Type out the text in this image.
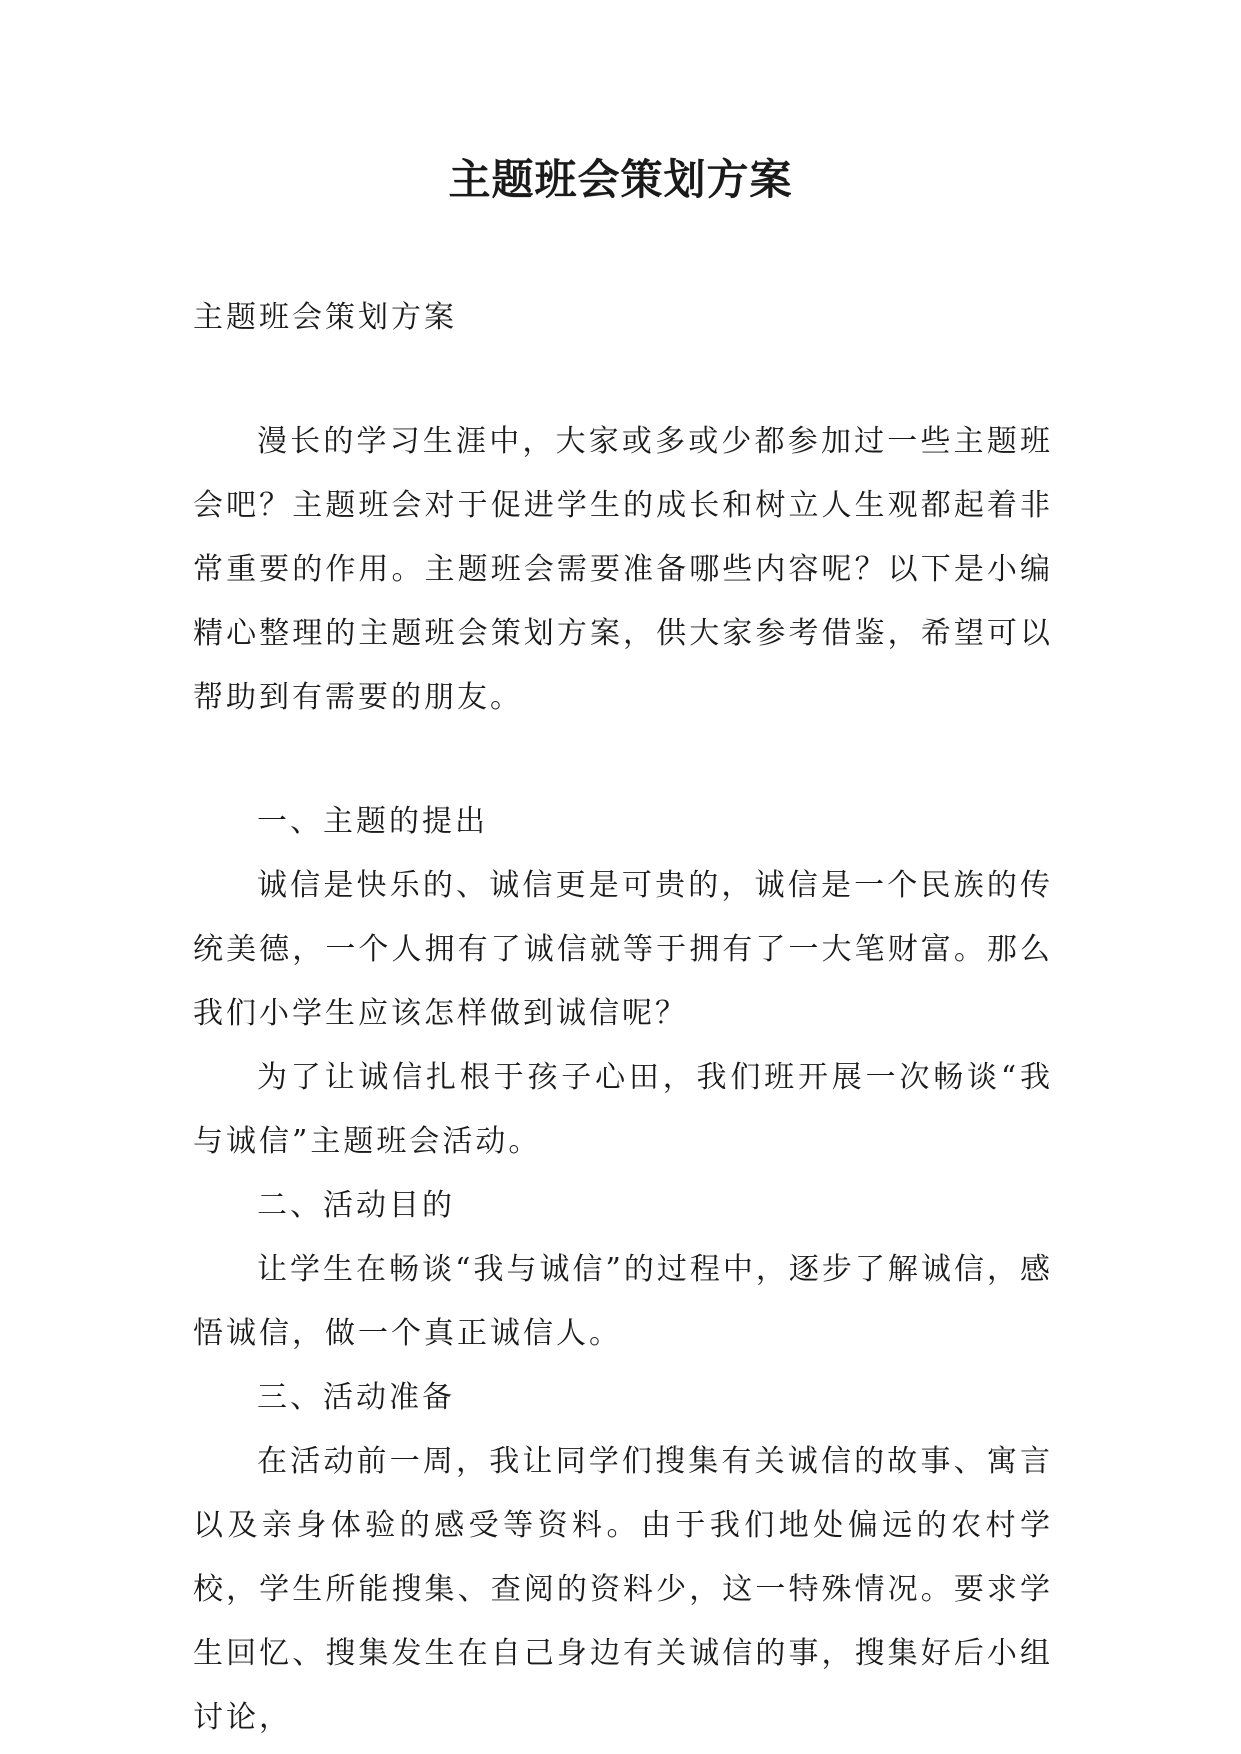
主题班会策划方案

主题班会策划方案

漫长的学习生涯中，大家或多或少都参加过一些主题班会吧？主题班会对于促进学生的成长和树立人生观都起着非常重要的作用。主题班会需要准备哪些内容呢？以下是小编精心整理的主题班会策划方案，供大家参考借鉴，希望可以帮助到有需要的朋友。

一、主题的提出

诚信是快乐的、诚信更是可贵的，诚信是一个民族的传统美德，一个人拥有了诚信就等于拥有了一大笔财富。那么我们小学生应该怎样做到诚信呢？

为了让诚信扎根于孩子心田，我们班开展一次畅谈“我与诚信”主题班会活动。

二、活动目的

让学生在畅谈“我与诚信”的过程中，逐步了解诚信，感悟诚信，做一个真正诚信人。

三、活动准备

在活动前一周，我让同学们搜集有关诚信的故事、寓言以及亲身体验的感受等资料。由于我们地处偏远的农村学校，学生所能搜集、查阅的资料少，这一特殊情况。要求学生回忆、搜集发生在自己身边有关诚信的事，搜集好后小组讨论，
